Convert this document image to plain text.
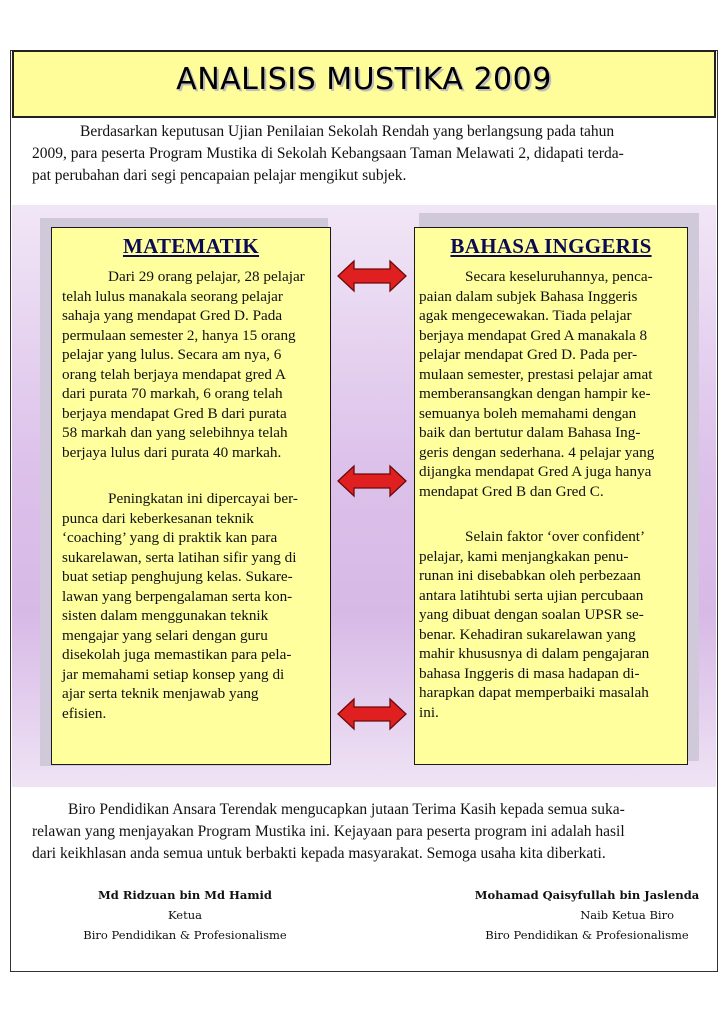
ANALISIS MUSTIKA 2009

Berdasarkan keputusan Ujian Penilaian Sekolah Rendah yang berlangsung pada tahun
2009, para peserta Program Mustika di Sekolah Kebangsaan Taman Melawati 2, didapati terda-
pat perubahan dari segi pencapaian pelajar mengikut subjek.

MATEMATIK

Dari 29 orang pelajar, 28 pelajar
telah lulus manakala seorang pelajar
sahaja yang mendapat Gred D. Pada
permulaan semester 2, hanya 15 orang
pelajar yang lulus. Secara am nya, 6
orang telah berjaya mendapat gred A
dari purata 70 markah, 6 orang telah
berjaya mendapat Gred B dari purata
58 markah dan yang selebihnya telah
berjaya lulus dari purata 40 markah.

Peningkatan ini dipercayai ber-
punca dari keberkesanan teknik
‘coaching’ yang di praktik kan para
sukarelawan, serta latihan sifir yang di
buat setiap penghujung kelas. Sukare-
lawan yang berpengalaman serta kon-
sisten dalam menggunakan teknik
mengajar yang selari dengan guru
disekolah juga memastikan para pela-
jar memahami setiap konsep yang di
ajar serta teknik menjawab yang
efisien.

BAHASA INGGERIS

Secara keseluruhannya, penca-
paian dalam subjek Bahasa Inggeris
agak mengecewakan. Tiada pelajar
berjaya mendapat Gred A manakala 8
pelajar mendapat Gred D. Pada per-
mulaan semester, prestasi pelajar amat
memberansangkan dengan hampir ke-
semuanya boleh memahami dengan
baik dan bertutur dalam Bahasa Ing-
geris dengan sederhana. 4 pelajar yang
dijangka mendapat Gred A juga hanya
mendapat Gred B dan Gred C.

Selain faktor ‘over confident’
pelajar, kami menjangkakan penu-
runan ini disebabkan oleh perbezaan
antara latihtubi serta ujian percubaan
yang dibuat dengan soalan UPSR se-
benar. Kehadiran sukarelawan yang
mahir khususnya di dalam pengajaran
bahasa Inggeris di masa hadapan di-
harapkan dapat memperbaiki masalah
ini.

Biro Pendidikan Ansara Terendak mengucapkan jutaan Terima Kasih kepada semua suka-
relawan yang menjayakan Program Mustika ini. Kejayaan para peserta program ini adalah hasil
dari keikhlasan anda semua untuk berbakti kepada masyarakat. Semoga usaha kita diberkati.

Md Ridzuan bin Md Hamid
Ketua
Biro Pendidikan & Profesionalisme
Mohamad Qaisyfullah bin Jaslenda
Naib Ketua Biro
Biro Pendidikan & Profesionalisme
